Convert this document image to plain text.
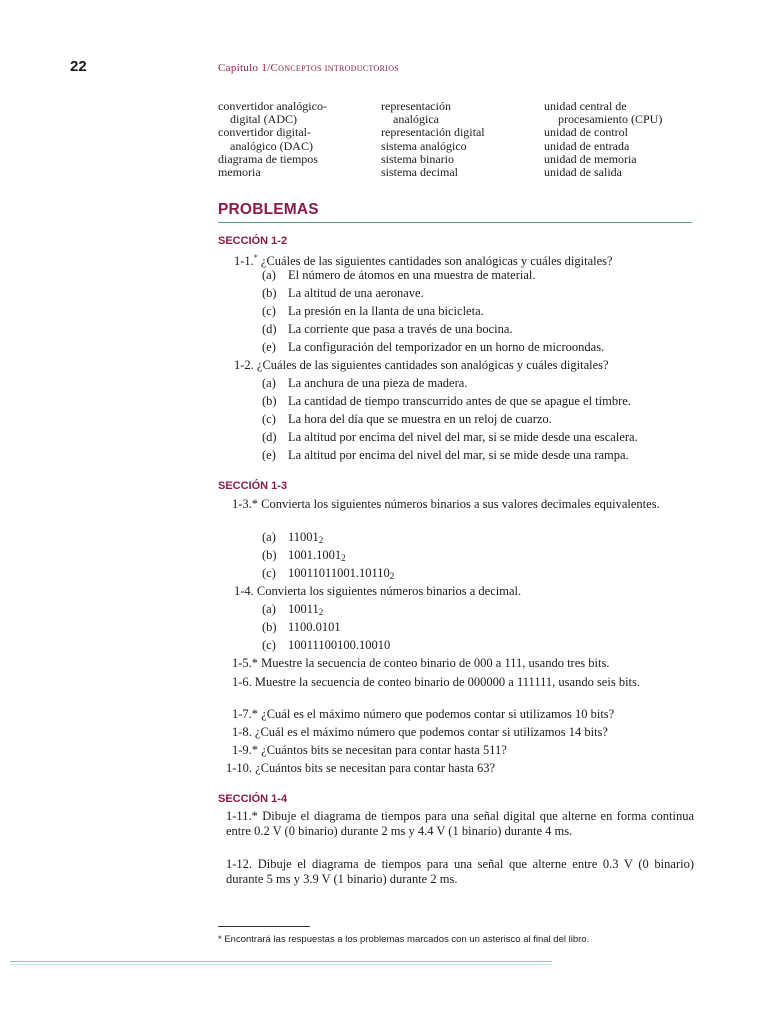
22	Capítulo 1/Conceptos introductorios
convertidor analógico-
digital (ADC)
convertidor digital-
analógico (DAC)
diagrama de tiempos
memoria
representación
analógica
representación digital
sistema analógico
sistema binario
sistema decimal
unidad central de
procesamiento (CPU)
unidad de control
unidad de entrada
unidad de memoria
unidad de salida
PROBLEMAS
SECCIÓN 1-2
1-1.* ¿Cuáles de las siguientes cantidades son analógicas y cuáles digitales?
(a) El número de átomos en una muestra de material.
(b) La altitud de una aeronave.
(c) La presión en la llanta de una bicicleta.
(d) La corriente que pasa a través de una bocina.
(e) La configuración del temporizador en un horno de microondas.
1-2. ¿Cuáles de las siguientes cantidades son analógicas y cuáles digitales?
(a) La anchura de una pieza de madera.
(b) La cantidad de tiempo transcurrido antes de que se apague el timbre.
(c) La hora del día que se muestra en un reloj de cuarzo.
(d) La altitud por encima del nivel del mar, si se mide desde una escalera.
(e) La altitud por encima del nivel del mar, si se mide desde una rampa.
SECCIÓN 1-3
1-3.* Convierta los siguientes números binarios a sus valores decimales equivalentes.
(a) $11001_2$
(b) $1001.1001_2$
(c) $10011011001.10110_2$
1-4. Convierta los siguientes números binarios a decimal.
(a) $10011_2$
(b) 1100.0101
(c) 10011100100.10010
1-5.* Muestre la secuencia de conteo binario de 000 a 111, usando tres bits.
1-6. Muestre la secuencia de conteo binario de 000000 a 111111, usando seis bits.
1-7.* ¿Cuál es el máximo número que podemos contar si utilizamos 10 bits?
1-8. ¿Cuál es el máximo número que podemos contar si utilizamos 14 bits?
1-9.* ¿Cuántos bits se necesitan para contar hasta 511?
1-10. ¿Cuántos bits se necesitan para contar hasta 63?
SECCIÓN 1-4
1-11.* Dibuje el diagrama de tiempos para una señal digital que alterne en forma continua entre 0.2 V (0 binario) durante 2 ms y 4.4 V (1 binario) durante 4 ms.
1-12. Dibuje el diagrama de tiempos para una señal que alterne entre 0.3 V (0 binario) durante 5 ms y 3.9 V (1 binario) durante 2 ms.
* Encontrará las respuestas a los problemas marcados con un asterisco al final del libro.
